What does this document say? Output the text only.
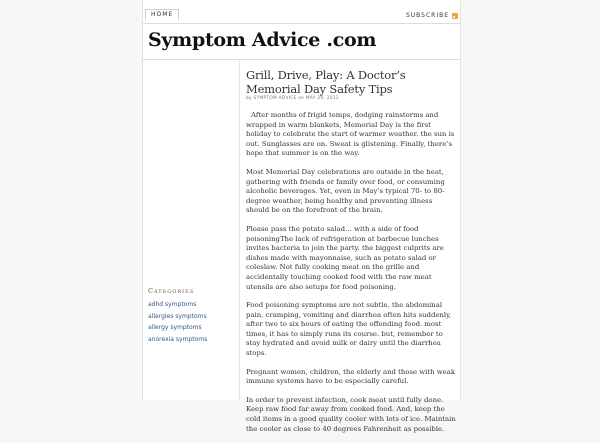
HOME	SUBSCRIBE
Symptom Advice .com
Categories
adhd symptoms
allergies symptoms
allergy symptoms
anorexia symptoms
Grill, Drive, Play: A Doctor’s Memorial Day Safety Tips
by SYMPTOM ADVICE on MAY 29, 2012

After months of frigid temps, dodging rainstorms and wrapped in warm blankets, Memorial Day is the first holiday to celebrate the start of warmer weather. the sun is out. Sunglasses are on. Sweat is glistening. Finally, there’s hope that summer is on the way.

Most Memorial Day celebrations are outside in the heat, gathering with friends or family over food, or consuming alcoholic beverages. Yet, even in May’s typical 70- to 80-degree weather, being healthy and preventing illness should be on the forefront of the brain.

Please pass the potato salad… with a side of food poisoningThe lack of refrigeration at barbecue lunches invites bacteria to join the party. the biggest culprits are dishes made with mayonnaise, such as potato salad or coleslaw. Not fully cooking meat on the grille and accidentally touching cooked food with the raw meat utensils are also setups for food poisoning.

Food poisoning symptoms are not subtle. the abdominal pain, cramping, vomiting and diarrhea often hits suddenly, after two to six hours of eating the offending food. most times, it has to simply runs its course. but, remember to stay hydrated and avoid milk or dairy until the diarrhea stops.

Pregnant women, children, the elderly and those with weak immune systems have to be especially careful.

In order to prevent infection, cook meat until fully done. Keep raw food far away from cooked food. And, keep the cold items in a good quality cooler with lots of ice. Maintain the cooler as close to 40 degrees Fahrenheit as possible.
